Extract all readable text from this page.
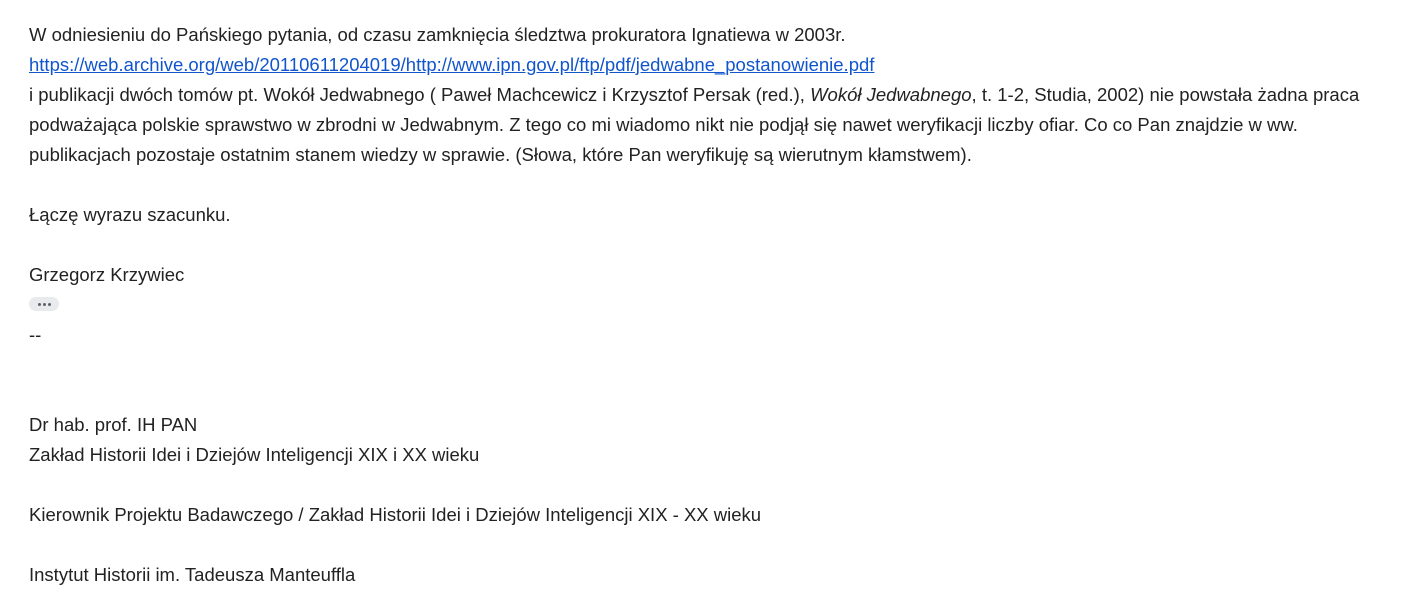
W odniesieniu do Pańskiego pytania, od czasu zamknięcia śledztwa prokuratora Ignatiewa w 2003r.
https://web.archive.org/web/20110611204019/http://www.ipn.gov.pl/ftp/pdf/jedwabne_postanowienie.pdf
i publikacji dwóch tomów pt. Wokół Jedwabnego ( Paweł Machcewicz i Krzysztof Persak (red.), Wokół Jedwabnego, t. 1-2, Studia, 2002) nie powstała żadna praca podważająca polskie sprawstwo w zbrodni w Jedwabnym. Z tego co mi wiadomo nikt nie podjął się nawet weryfikacji liczby ofiar. Co co Pan znajdzie w ww. publikacjach pozostaje ostatnim stanem wiedzy w sprawie. (Słowa, które Pan weryfikuję są wierutnym kłamstwem).
Łączę wyrazu szacunku.
Grzegorz Krzywiec
--
Dr hab. prof. IH PAN
Zakład Historii Idei i Dziejów Inteligencji XIX i XX wieku
Kierownik Projektu Badawczego / Zakład Historii Idei i Dziejów Inteligencji XIX - XX wieku
Instytut Historii im. Tadeusza Manteuffla
